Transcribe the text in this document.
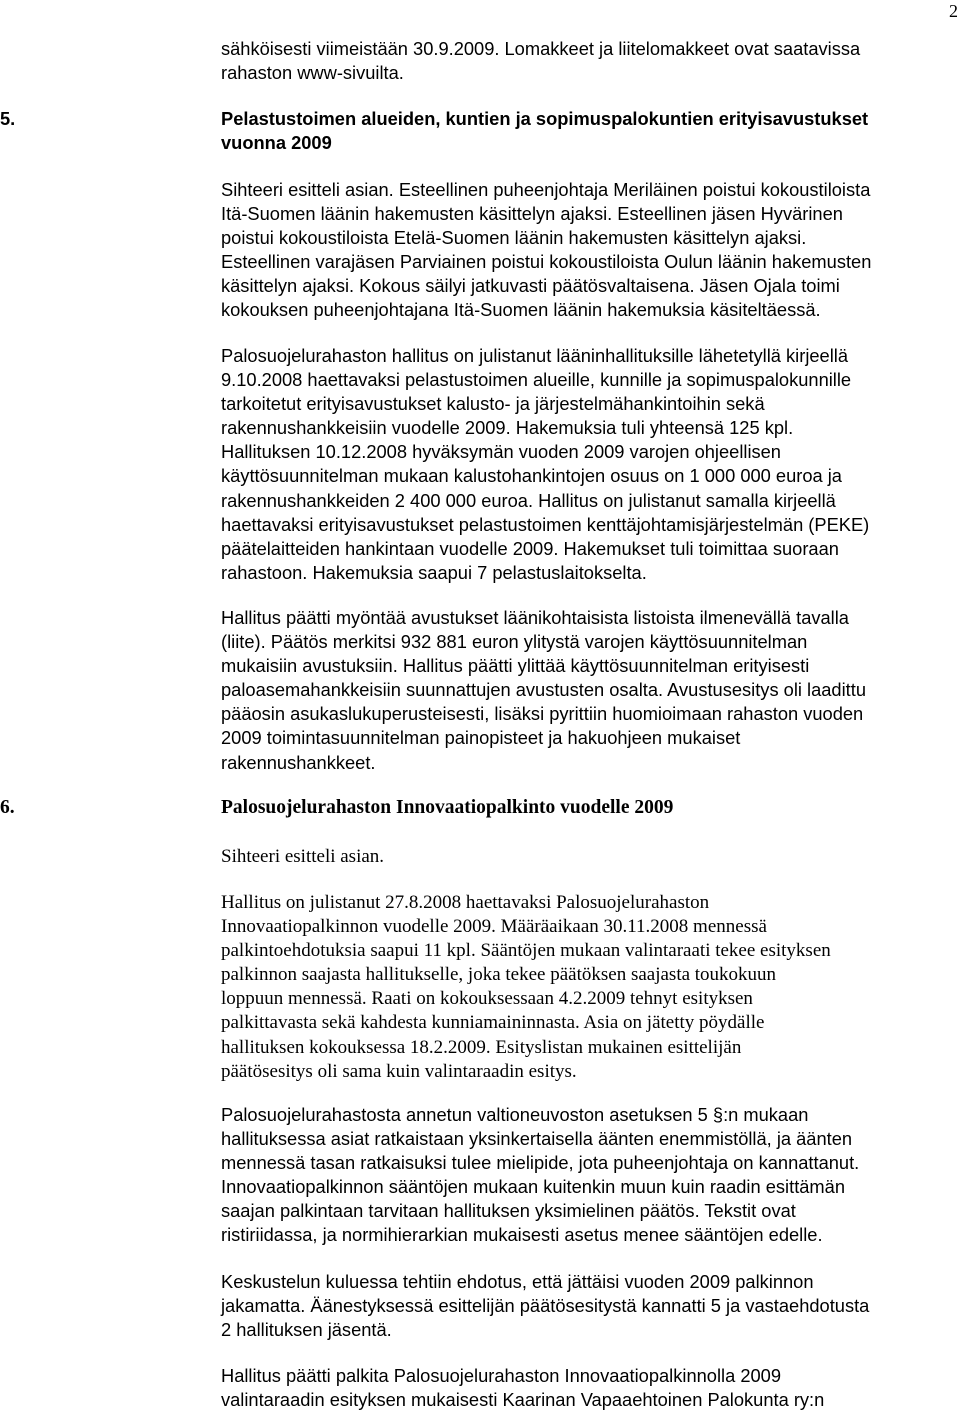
2
sähköisesti viimeistään 30.9.2009. Lomakkeet ja liitelomakkeet ovat saatavissa
rahaston www-sivuilta.
5.	Pelastustoimen alueiden, kuntien ja sopimuspalokuntien erityisavustukset
vuonna 2009
Sihteeri esitteli asian. Esteellinen puheenjohtaja Meriläinen poistui kokoustiloista
Itä-Suomen läänin hakemusten käsittelyn ajaksi. Esteellinen jäsen Hyvärinen
poistui kokoustiloista Etelä-Suomen läänin hakemusten käsittelyn ajaksi.
Esteellinen varajäsen Parviainen poistui kokoustiloista Oulun läänin hakemusten
käsittelyn ajaksi. Kokous säilyi jatkuvasti päätösvaltaisena. Jäsen Ojala toimi
kokouksen puheenjohtajana Itä-Suomen läänin hakemuksia käsiteltäessä.
Palosuojelurahaston hallitus on julistanut lääninhallituksille lähetetyllä kirjeellä
9.10.2008 haettavaksi pelastustoimen alueille, kunnille ja sopimuspalokunnille
tarkoitetut erityisavustukset kalusto- ja järjestelmähankintoihin sekä
rakennushankkeisiin vuodelle 2009. Hakemuksia tuli yhteensä 125 kpl.
Hallituksen 10.12.2008 hyväksymän vuoden 2009 varojen ohjeellisen
käyttösuunnitelman mukaan kalustohankintojen osuus on 1 000 000 euroa ja
rakennushankkeiden 2 400 000 euroa. Hallitus on julistanut samalla kirjeellä
haettavaksi erityisavustukset pelastustoimen kenttäjohtamisjärjestelmän (PEKE)
päätelaitteiden hankintaan vuodelle 2009. Hakemukset tuli toimittaa suoraan
rahastoon. Hakemuksia saapui 7 pelastuslaitokselta.
Hallitus päätti myöntää avustukset läänikohtaisista listoista ilmenevällä tavalla
(liite). Päätös merkitsi 932 881 euron ylitystä varojen käyttösuunnitelman
mukaisiin avustuksiin. Hallitus päätti ylittää käyttösuunnitelman erityisesti
paloasemahankkeisiin suunnattujen avustusten osalta. Avustusesitys oli laadittu
pääosin asukaslukuperusteisesti, lisäksi pyrittiin huomioimaan rahaston vuoden
2009 toimintasuunnitelman painopisteet ja hakuohjeen mukaiset
rakennushankkeet.
6.	Palosuojelurahaston Innovaatiopalkinto vuodelle 2009
Sihteeri esitteli asian.
Hallitus on julistanut 27.8.2008 haettavaksi Palosuojelurahaston
Innovaatiopalkinnon vuodelle 2009. Määräaikaan 30.11.2008 mennessä
palkintoehdotuksia saapui 11 kpl. Sääntöjen mukaan valintaraati tekee esityksen
palkinnon saajasta hallitukselle, joka tekee päätöksen saajasta toukokuun
loppuun mennessä. Raati on kokouksessaan 4.2.2009 tehnyt esityksen
palkittavasta sekä kahdesta kunniamaininnasta. Asia on jätetty pöydälle
hallituksen kokouksessa 18.2.2009. Esityslistan mukainen esittelijän
päätösesitys oli sama kuin valintaraadin esitys.
Palosuojelurahastosta annetun valtioneuvoston asetuksen 5 §:n mukaan
hallituksessa asiat ratkaistaan yksinkertaisella äänten enemmistöllä, ja äänten
mennessä tasan ratkaisuksi tulee mielipide, jota puheenjohtaja on kannattanut.
Innovaatiopalkinnon sääntöjen mukaan kuitenkin muun kuin raadin esittämän
saajan palkintaan tarvitaan hallituksen yksimielinen päätös. Tekstit ovat
ristiriidassa, ja normihierarkian mukaisesti asetus menee sääntöjen edelle.
Keskustelun kuluessa tehtiin ehdotus, että jättäisi vuoden 2009 palkinnon
jakamatta. Äänestyksessä esittelijän päätösesitystä kannatti 5 ja vastaehdotusta
2 hallituksen jäsentä.
Hallitus päätti palkita Palosuojelurahaston Innovaatiopalkinnolla 2009
valintaraadin esityksen mukaisesti Kaarinan Vapaaehtoinen Palokunta ry:n
